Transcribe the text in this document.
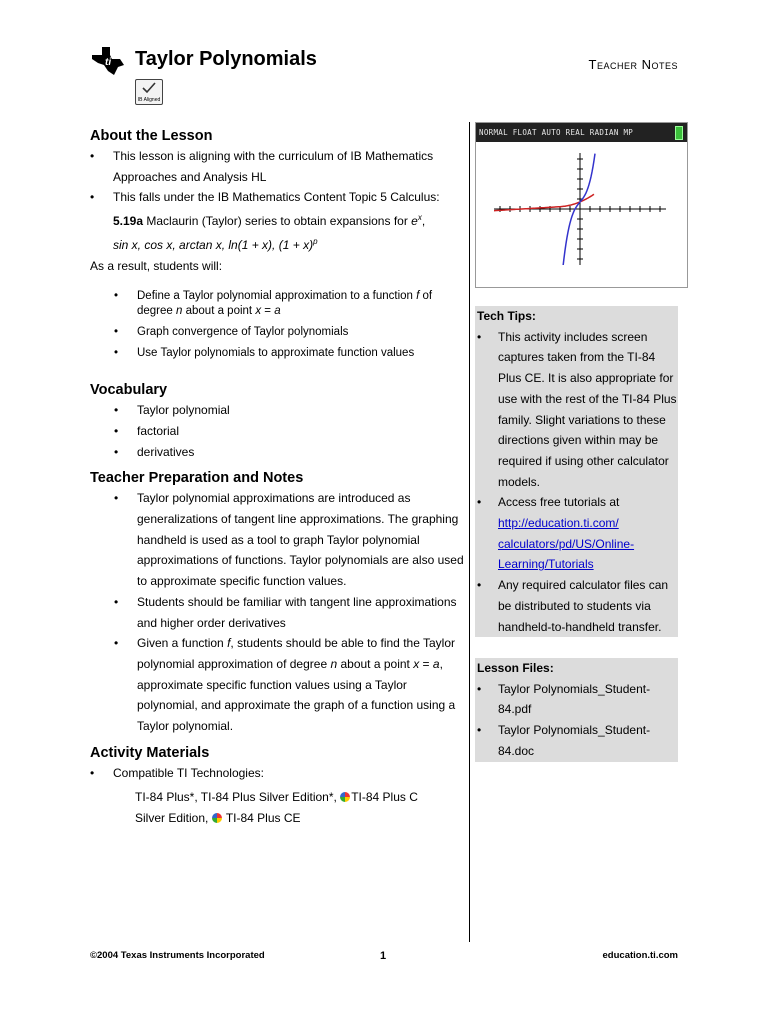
ti Taylor Polynomials	Teacher Notes
IB Aligned
About the Lesson
• This lesson is aligning with the curriculum of IB Mathematics Approaches and Analysis HL
• This falls under the IB Mathematics Content Topic 5 Calculus:
5.19a Maclaurin (Taylor) series to obtain expansions for $e^x$,
sin x, cos x, arctan x, ln(1 + x), $(1 + x)^p$
As a result, students will:
• Define a Taylor polynomial approximation to a function f of degree n about a point x = a
• Graph convergence of Taylor polynomials
• Use Taylor polynomials to approximate function values
Vocabulary
• Taylor polynomial
• factorial
• derivatives
Teacher Preparation and Notes
• Taylor polynomial approximations are introduced as generalizations of tangent line approximations. The graphing handheld is used as a tool to graph Taylor polynomial approximations of functions. Taylor polynomials are also used to approximate specific function values.
• Students should be familiar with tangent line approximations and higher order derivatives
• Given a function f, students should be able to find the Taylor polynomial approximation of degree n about a point x = a, approximate specific function values using a Taylor polynomial, and approximate the graph of a function using a Taylor polynomial.
Activity Materials
• Compatible TI Technologies:
TI-84 Plus*, TI-84 Plus Silver Edition*, TI-84 Plus C
Silver Edition,  TI-84 Plus CE
NORMAL FLOAT AUTO REAL RADIAN MP
Tech Tips:
• This activity includes screen captures taken from the TI-84 Plus CE. It is also appropriate for use with the rest of the TI-84 Plus family. Slight variations to these directions given within may be required if using other calculator models.
• Access free tutorials at
http://education.ti.com/ calculators/pd/US/Online-Learning/Tutorials
• Any required calculator files can be distributed to students via handheld-to-handheld transfer.
Lesson Files:
• Taylor Polynomials_Student-84.pdf
• Taylor Polynomials_Student-84.doc
©2004 Texas Instruments Incorporated	1	education.ti.com
